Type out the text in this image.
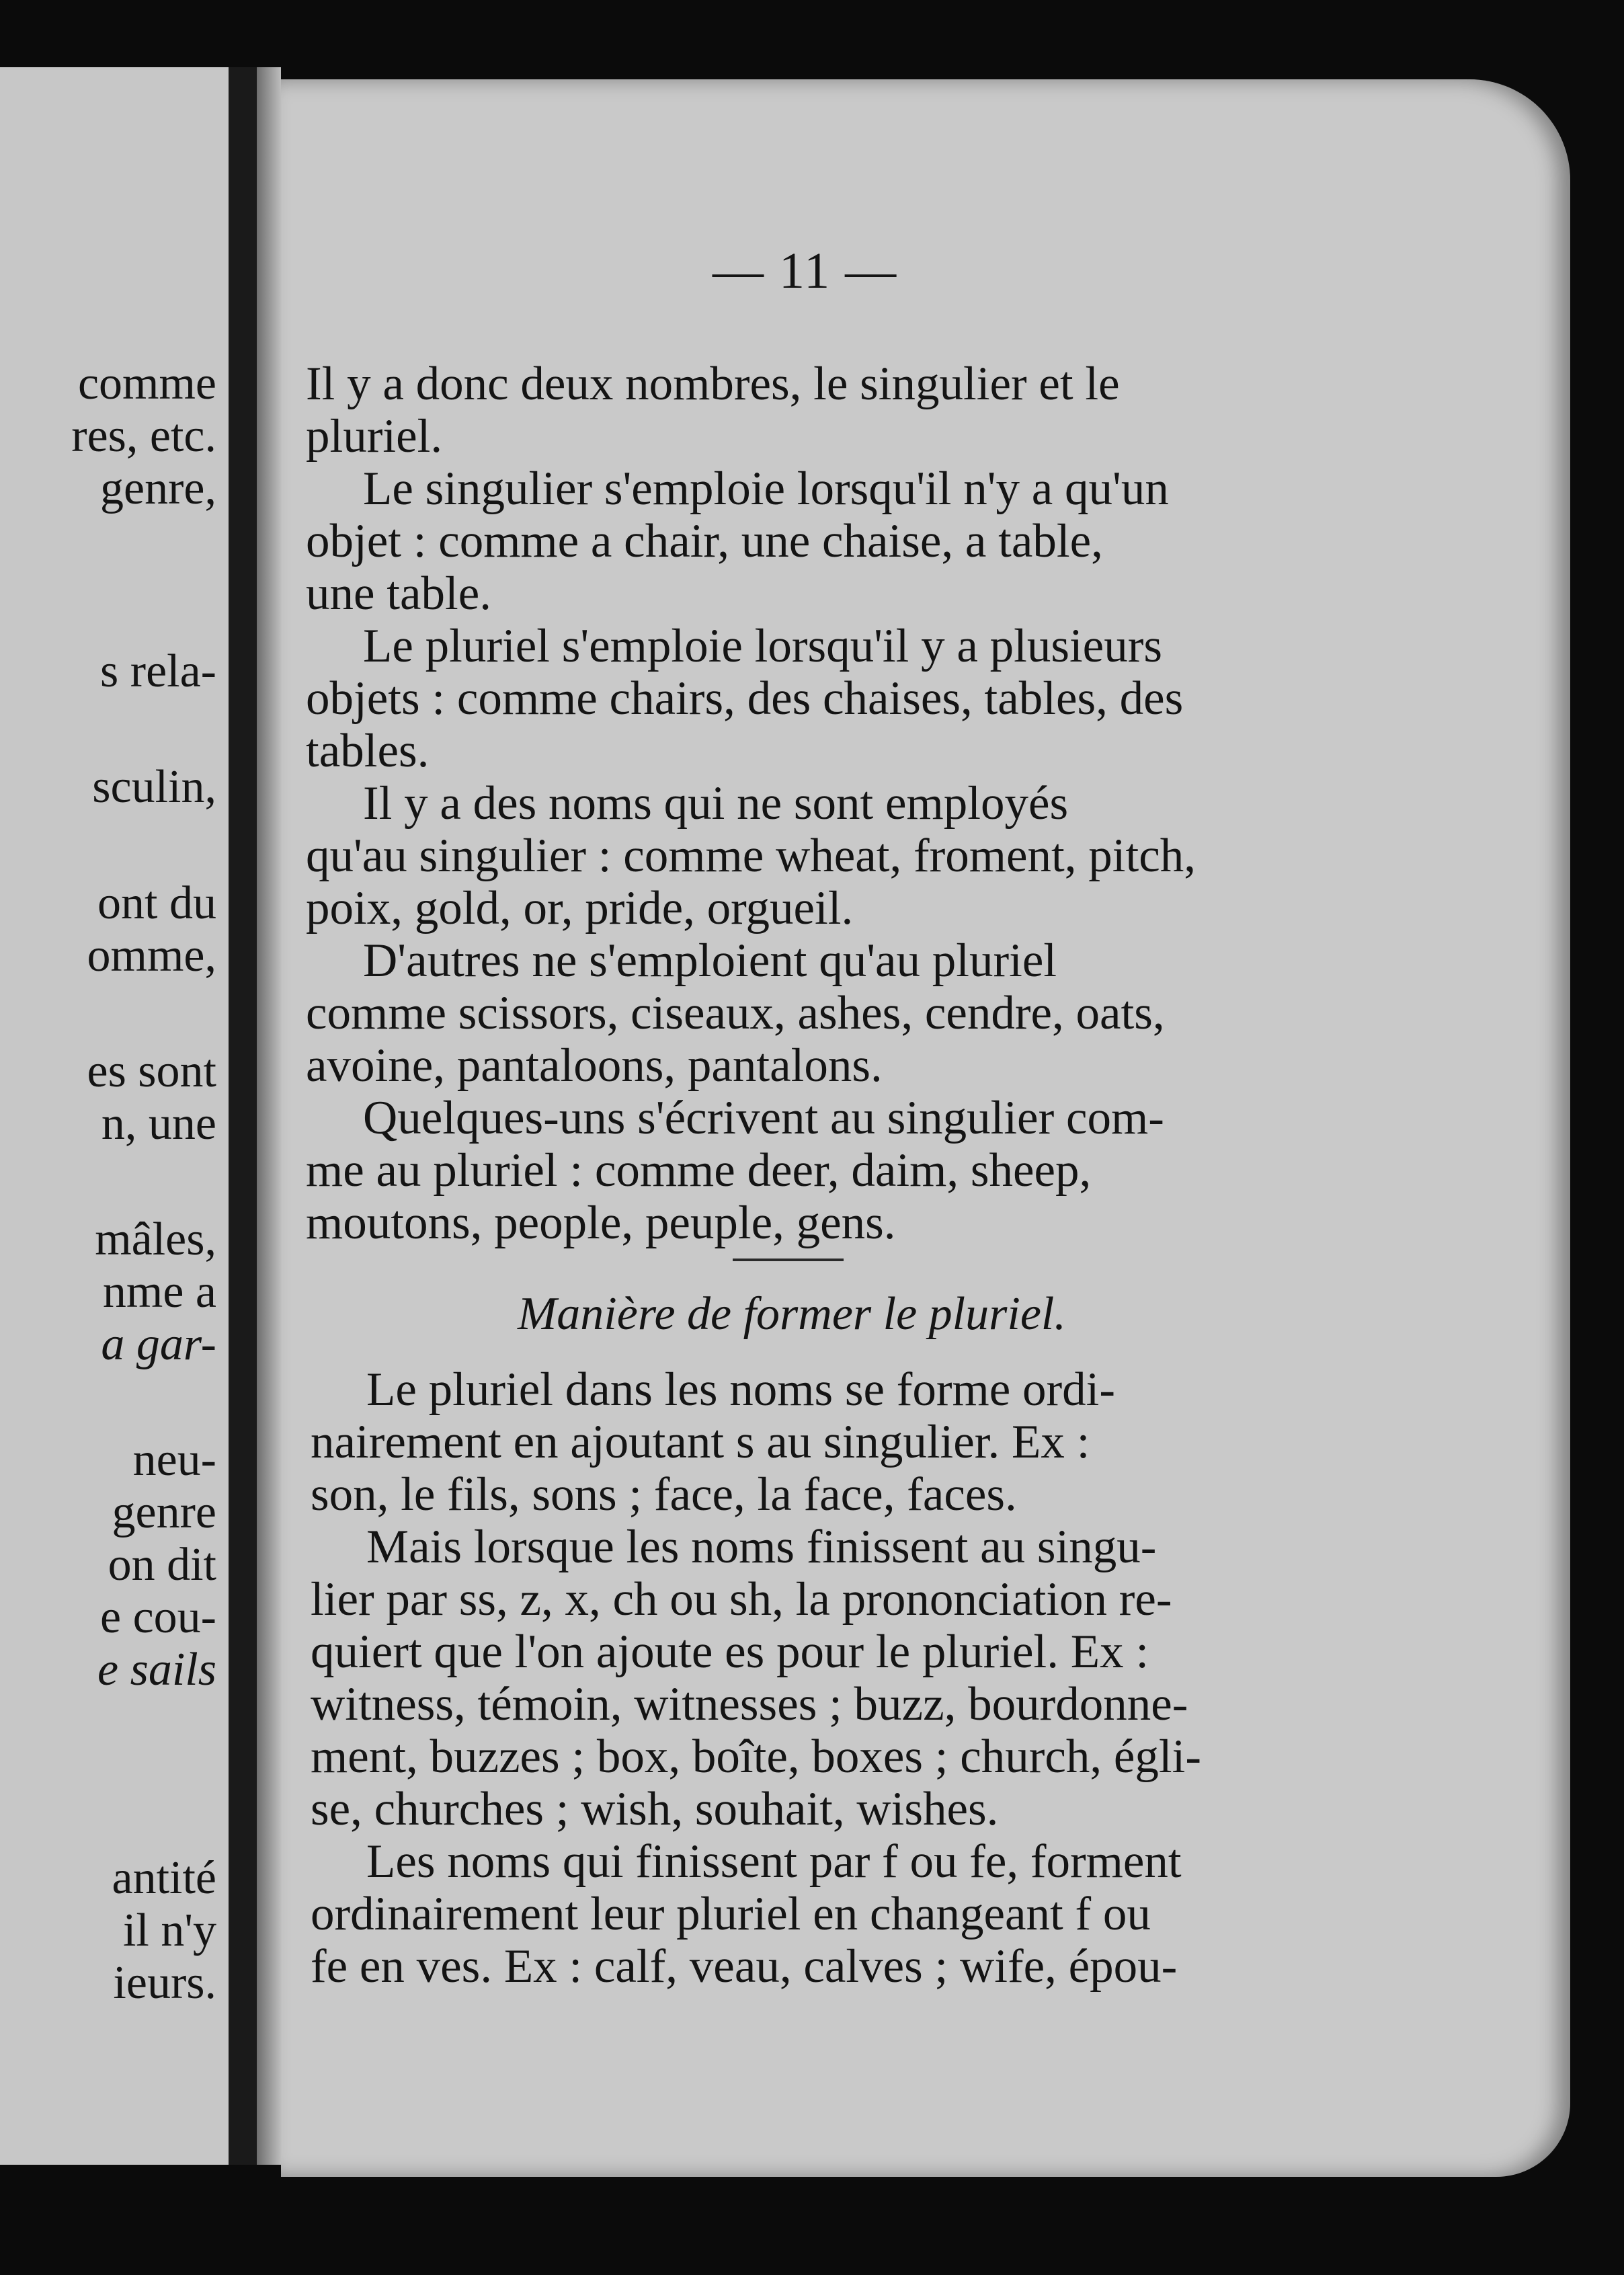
comme
res, etc.
genre,
s rela-
sculin,
ont du
omme,
es sont
n, une
mâles,
nme a
a gar-
neu-
genre
on dit
e cou-
e sails
antité
il n'y
ieurs.
— 11 —
Il y a donc deux nombres, le singulier et le
pluriel.
Le singulier s'emploie lorsqu'il n'y a qu'un
objet : comme a chair, une chaise, a table,
une table.
Le pluriel s'emploie lorsqu'il y a plusieurs
objets : comme chairs, des chaises, tables, des
tables.
Il y a des noms qui ne sont employés
qu'au singulier : comme wheat, froment, pitch,
poix, gold, or, pride, orgueil.
D'autres ne s'emploient qu'au pluriel
comme scissors, ciseaux, ashes, cendre, oats,
avoine, pantaloons, pantalons.
Quelques-uns s'écrivent au singulier com-
me au pluriel : comme deer, daim, sheep,
moutons, people, peuple, gens.
Manière de former le pluriel.
Le pluriel dans les noms se forme ordi-
nairement en ajoutant s au singulier. Ex :
son, le fils, sons ; face, la face, faces.
Mais lorsque les noms finissent au singu-
lier par ss, z, x, ch ou sh, la prononciation re-
quiert que l'on ajoute es pour le pluriel. Ex :
witness, témoin, witnesses ; buzz, bourdonne-
ment, buzzes ; box, boîte, boxes ; church, égli-
se, churches ; wish, souhait, wishes.
Les noms qui finissent par f ou fe, forment
ordinairement leur pluriel en changeant f ou
fe en ves. Ex : calf, veau, calves ; wife, épou-
